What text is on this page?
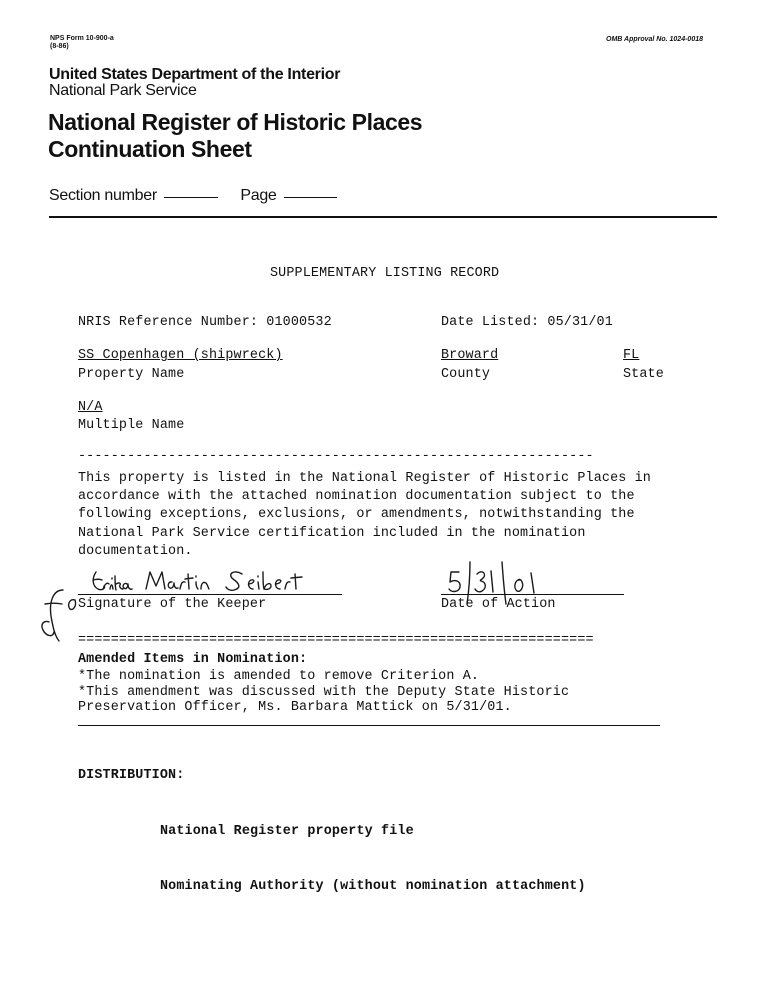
NPS Form 10-900-a
(8-86)
OMB Approval No. 1024-0018
United States Department of the Interior
National Park Service
National Register of Historic Places
Continuation Sheet
Section number	Page
SUPPLEMENTARY LISTING RECORD
NRIS Reference Number: 01000532	Date Listed: 05/31/01
SS Copenhagen (shipwreck)	Broward	FL
Property Name	County	State
N/A
Multiple Name
---------------------------------------------------------------
This property is listed in the National Register of Historic Places in
accordance with the attached nomination documentation subject to the
following exceptions, exclusions, or amendments, notwithstanding the
National Park Service certification included in the nomination
documentation.
Signature of the Keeper	Date of Action
===============================================================
Amended Items in Nomination:
*The nomination is amended to remove Criterion A.
*This amendment was discussed with the Deputy State Historic
Preservation Officer, Ms. Barbara Mattick on 5/31/01.

DISTRIBUTION:

National Register property file

Nominating Authority (without nomination attachment)
